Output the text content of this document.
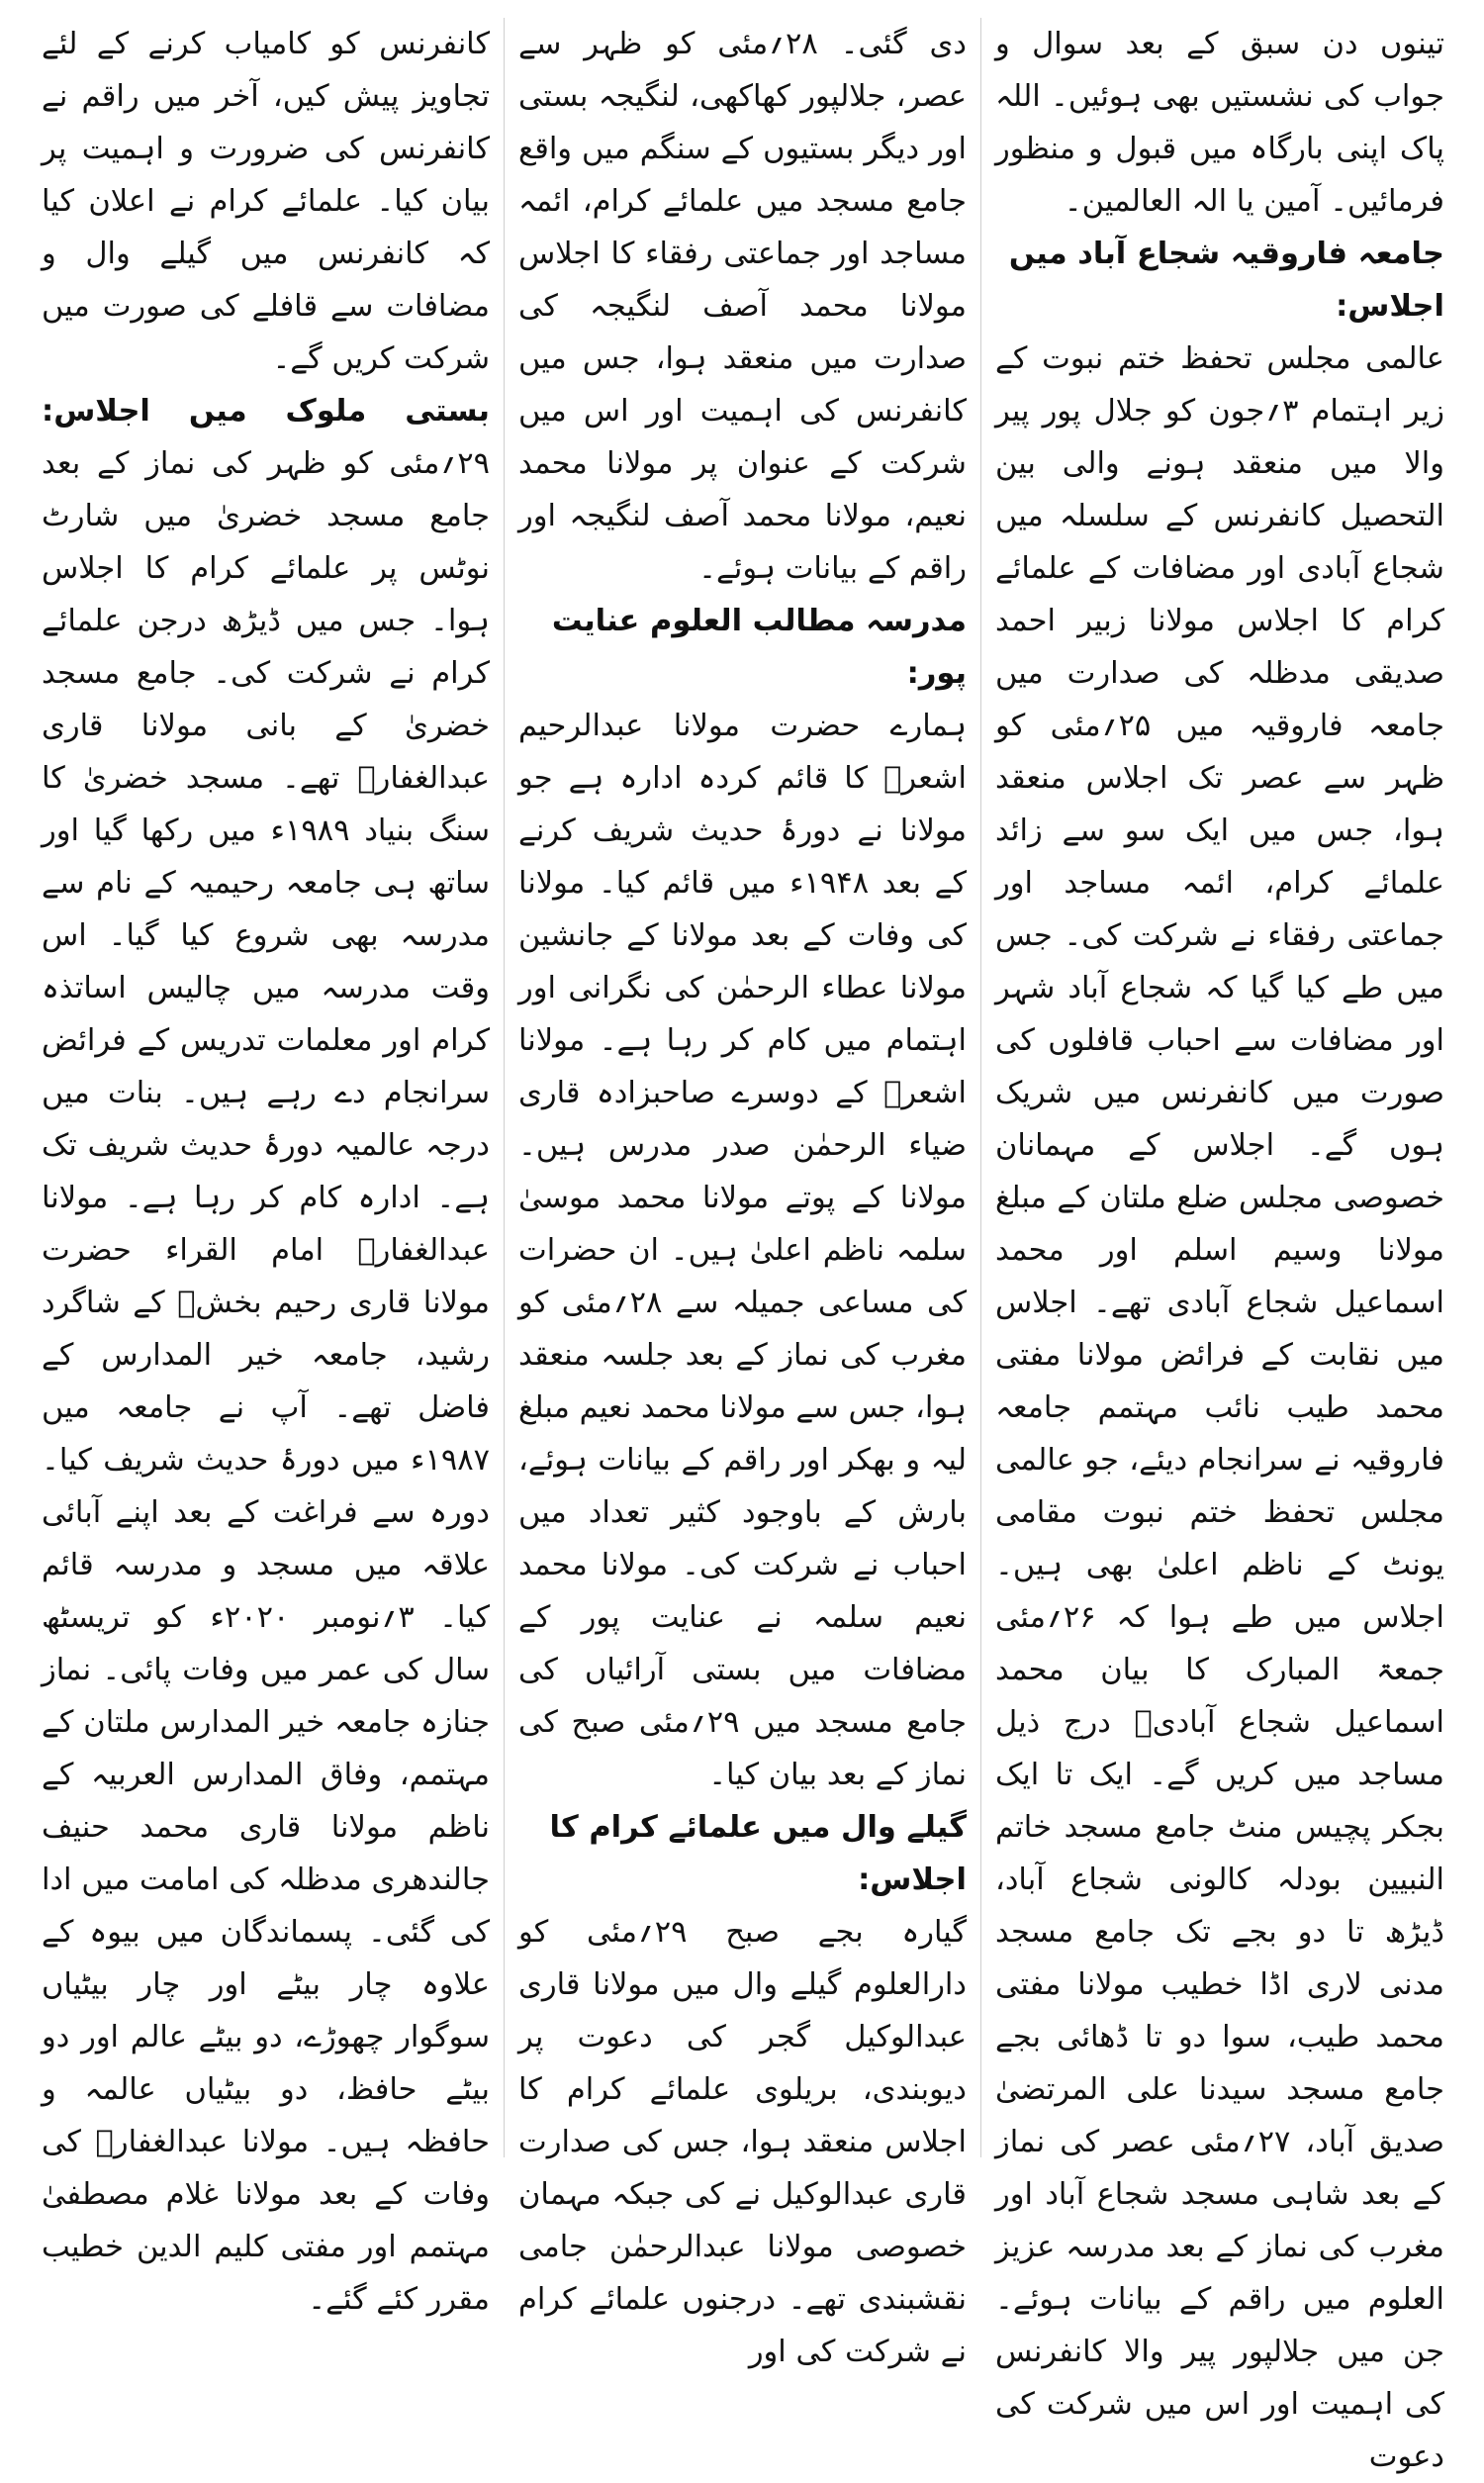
تینوں دن سبق کے بعد سوال و جواب کی نشستیں بھی ہوئیں۔ اللہ پاک اپنی بارگاہ میں قبول و منظور فرمائیں۔ آمین یا الہ العالمین۔

جامعہ فاروقیہ شجاع آباد میں اجلاس:

عالمی مجلس تحفظ ختم نبوت کے زیر اہتمام ۳؍جون کو جلال پور پیر والا میں منعقد ہونے والی بین التحصیل کانفرنس کے سلسلہ میں شجاع آبادی اور مضافات کے علمائے کرام کا اجلاس مولانا زبیر احمد صدیقی مدظلہ کی صدارت میں جامعہ فاروقیہ میں ۲۵؍مئی کو ظہر سے عصر تک اجلاس منعقد ہوا، جس میں ایک سو سے زائد علمائے کرام، ائمہ مساجد اور جماعتی رفقاء نے شرکت کی۔ جس میں طے کیا گیا کہ شجاع آباد شہر اور مضافات سے احباب قافلوں کی صورت میں کانفرنس میں شریک ہوں گے۔ اجلاس کے مہمانان خصوصی مجلس ضلع ملتان کے مبلغ مولانا وسیم اسلم اور محمد اسماعیل شجاع آبادی تھے۔ اجلاس میں نقابت کے فرائض مولانا مفتی محمد طیب نائب مہتمم جامعہ فاروقیہ نے سرانجام دیئے، جو عالمی مجلس تحفظ ختم نبوت مقامی یونٹ کے ناظم اعلیٰ بھی ہیں۔ اجلاس میں طے ہوا کہ ۲۶؍مئی جمعۃ المبارک کا بیان محمد اسماعیل شجاع آبادیؒ درج ذیل مساجد میں کریں گے۔ ایک تا ایک بجکر پچیس منٹ جامع مسجد خاتم النبیین بودلہ کالونی شجاع آباد، ڈیڑھ تا دو بجے تک جامع مسجد مدنی لاری اڈا خطیب مولانا مفتی محمد طیب، سوا دو تا ڈھائی بجے جامع مسجد سیدنا علی المرتضیٰ صدیق آباد، ۲۷؍مئی عصر کی نماز کے بعد شاہی مسجد شجاع آباد اور مغرب کی نماز کے بعد مدرسہ عزیز العلوم میں راقم کے بیانات ہوئے۔ جن میں جلالپور پیر والا کانفرنس کی اہمیت اور اس میں شرکت کی دعوت

دی گئی۔ ۲۸؍مئی کو ظہر سے عصر، جلالپور کھاکھی، لنگیجہ بستی اور دیگر بستیوں کے سنگم میں واقع جامع مسجد میں علمائے کرام، ائمہ مساجد اور جماعتی رفقاء کا اجلاس مولانا محمد آصف لنگیجہ کی صدارت میں منعقد ہوا، جس میں کانفرنس کی اہمیت اور اس میں شرکت کے عنوان پر مولانا محمد نعیم، مولانا محمد آصف لنگیجہ اور راقم کے بیانات ہوئے۔

مدرسہ مطالب العلوم عنایت پور:

ہمارے حضرت مولانا عبدالرحیم اشعرؒ کا قائم کردہ ادارہ ہے جو مولانا نے دورۂ حدیث شریف کرنے کے بعد ۱۹۴۸ء میں قائم کیا۔ مولانا کی وفات کے بعد مولانا کے جانشین مولانا عطاء الرحمٰن کی نگرانی اور اہتمام میں کام کر رہا ہے۔ مولانا اشعرؒ کے دوسرے صاحبزادہ قاری ضیاء الرحمٰن صدر مدرس ہیں۔ مولانا کے پوتے مولانا محمد موسیٰ سلمہ ناظم اعلیٰ ہیں۔ ان حضرات کی مساعی جمیلہ سے ۲۸؍مئی کو مغرب کی نماز کے بعد جلسہ منعقد ہوا، جس سے مولانا محمد نعیم مبلغ لیہ و بھکر اور راقم کے بیانات ہوئے، بارش کے باوجود کثیر تعداد میں احباب نے شرکت کی۔ مولانا محمد نعیم سلمہ نے عنایت پور کے مضافات میں بستی آرائیاں کی جامع مسجد میں ۲۹؍مئی صبح کی نماز کے بعد بیان کیا۔

گیلے وال میں علمائے کرام کا اجلاس:

گیارہ بجے صبح ۲۹؍مئی کو دارالعلوم گیلے وال میں مولانا قاری عبدالوکیل گجر کی دعوت پر دیوبندی، بریلوی علمائے کرام کا اجلاس منعقد ہوا، جس کی صدارت قاری عبدالوکیل نے کی جبکہ مہمان خصوصی مولانا عبدالرحمٰن جامی نقشبندی تھے۔ درجنوں علمائے کرام نے شرکت کی اور

کانفرنس کو کامیاب کرنے کے لئے تجاویز پیش کیں، آخر میں راقم نے کانفرنس کی ضرورت و اہمیت پر بیان کیا۔ علمائے کرام نے اعلان کیا کہ کانفرنس میں گیلے وال و مضافات سے قافلے کی صورت میں شرکت کریں گے۔

بستی ملوک میں اجلاس: ۲۹؍مئی کو ظہر کی نماز کے بعد جامع مسجد خضریٰ میں شارٹ نوٹس پر علمائے کرام کا اجلاس ہوا۔ جس میں ڈیڑھ درجن علمائے کرام نے شرکت کی۔ جامع مسجد خضریٰ کے بانی مولانا قاری عبدالغفارؒ تھے۔ مسجد خضریٰ کا سنگ بنیاد ۱۹۸۹ء میں رکھا گیا اور ساتھ ہی جامعہ رحیمیہ کے نام سے مدرسہ بھی شروع کیا گیا۔ اس وقت مدرسہ میں چالیس اساتذہ کرام اور معلمات تدریس کے فرائض سرانجام دے رہے ہیں۔ بنات میں درجہ عالمیہ دورۂ حدیث شریف تک ہے۔ ادارہ کام کر رہا ہے۔ مولانا عبدالغفارؒ امام القراء حضرت مولانا قاری رحیم بخشؒ کے شاگرد رشید، جامعہ خیر المدارس کے فاضل تھے۔ آپ نے جامعہ میں ۱۹۸۷ء میں دورۂ حدیث شریف کیا۔ دورہ سے فراغت کے بعد اپنے آبائی علاقہ میں مسجد و مدرسہ قائم کیا۔ ۳؍نومبر ۲۰۲۰ء کو تریسٹھ سال کی عمر میں وفات پائی۔ نماز جنازہ جامعہ خیر المدارس ملتان کے مہتمم، وفاق المدارس العربیہ کے ناظم مولانا قاری محمد حنیف جالندھری مدظلہ کی امامت میں ادا کی گئی۔ پسماندگان میں بیوہ کے علاوہ چار بیٹے اور چار بیٹیاں سوگوار چھوڑے، دو بیٹے عالم اور دو بیٹے حافظ، دو بیٹیاں عالمہ و حافظہ ہیں۔ مولانا عبدالغفارؒ کی وفات کے بعد مولانا غلام مصطفیٰ مہتمم اور مفتی کلیم الدین خطیب مقرر کئے گئے۔
